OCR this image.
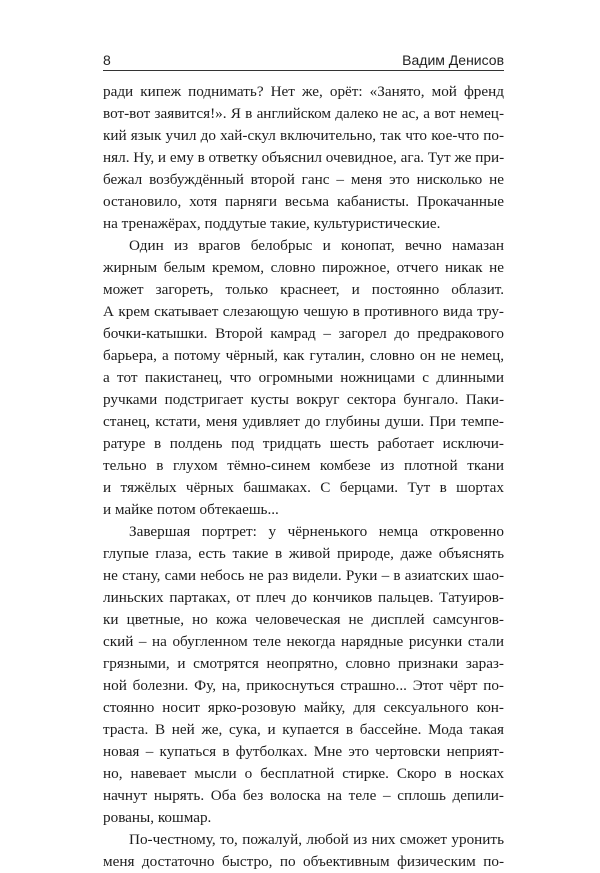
8	Вадим Денисов
ради кипеж поднимать? Нет же, орёт: «Занято, мой френд
вот-вот заявится!». Я в английском далеко не ас, а вот немец-
кий язык учил до хай-скул включительно, так что кое-что по-
нял. Ну, и ему в ответку объяснил очевидное, ага. Тут же при-
бежал возбуждённый второй ганс – меня это нисколько не
остановило, хотя парняги весьма кабанисты. Прокачанные
на тренажёрах, поддутые такие, культуристические.
Один из врагов белобрыс и конопат, вечно намазан
жирным белым кремом, словно пирожное, отчего никак не
может загореть, только краснеет, и постоянно облазит.
А крем скатывает слезающую чешую в противного вида тру-
бочки-катышки. Второй камрад – загорел до предракового
барьера, а потому чёрный, как гуталин, словно он не немец,
а тот пакистанец, что огромными ножницами с длинными
ручками подстригает кусты вокруг сектора бунгало. Паки-
станец, кстати, меня удивляет до глубины души. При темпе-
ратуре в полдень под тридцать шесть работает исключи-
тельно в глухом тёмно-синем комбезе из плотной ткани
и тяжёлых чёрных башмаках. С берцами. Тут в шортах
и майке потом обтекаешь...
Завершая портрет: у чёрненького немца откровенно
глупые глаза, есть такие в живой природе, даже объяснять
не стану, сами небось не раз видели. Руки – в азиатских шао-
линьских партаках, от плеч до кончиков пальцев. Татуиров-
ки цветные, но кожа человеческая не дисплей самсунгов-
ский – на обугленном теле некогда нарядные рисунки стали
грязными, и смотрятся неопрятно, словно признаки зараз-
ной болезни. Фу, на, прикоснуться страшно... Этот чёрт по-
стоянно носит ярко-розовую майку, для сексуального кон-
траста. В ней же, сука, и купается в бассейне. Мода такая
новая – купаться в футболках. Мне это чертовски неприят-
но, навевает мысли о бесплатной стирке. Скоро в носках
начнут нырять. Оба без волоска на теле – сплошь депили-
рованы, кошмар.
По-честному, то, пожалуй, любой из них сможет уронить
меня достаточно быстро, по объективным физическим по-
